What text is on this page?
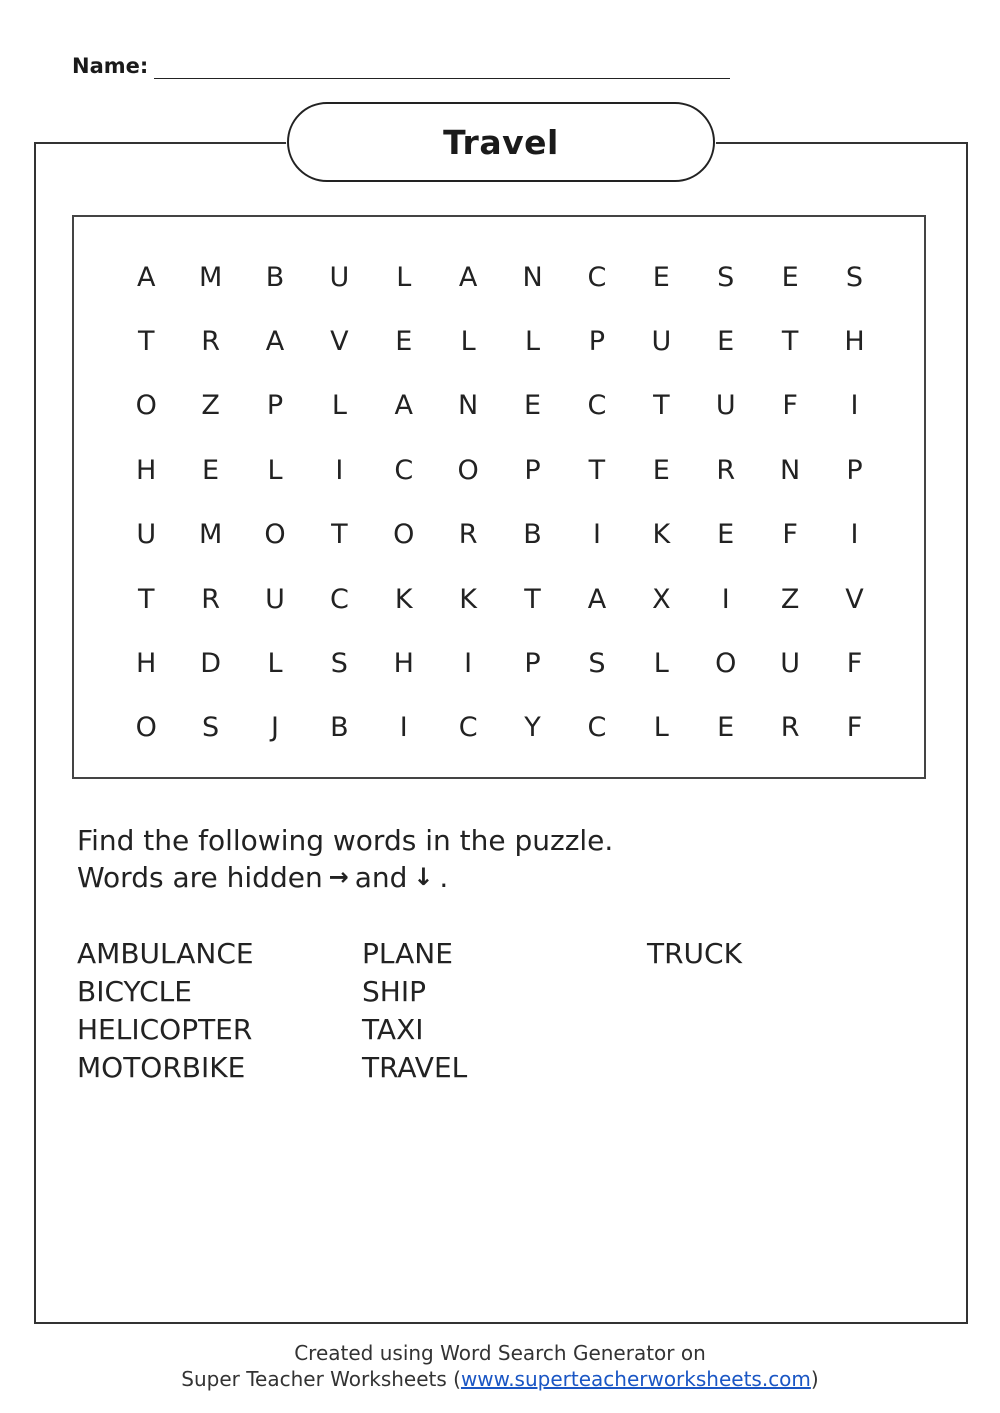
Name:
Travel
A	M	B	U	L	A	N	C	E	S	E	S
T	R	A	V	E	L	L	P	U	E	T	H
O	Z	P	L	A	N	E	C	T	U	F	I
H	E	L	I	C	O	P	T	E	R	N	P
U	M	O	T	O	R	B	I	K	E	F	I
T	R	U	C	K	K	T	A	X	I	Z	V
H	D	L	S	H	I	P	S	L	O	U	F
O	S	J	B	I	C	Y	C	L	E	R	F
Find the following words in the puzzle.
Words are hidden → and ↓ .
AMBULANCE
BICYCLE
HELICOPTER
MOTORBIKE
PLANE
SHIP
TAXI
TRAVEL
TRUCK
Created using Word Search Generator on
Super Teacher Worksheets (www.superteacherworksheets.com)
